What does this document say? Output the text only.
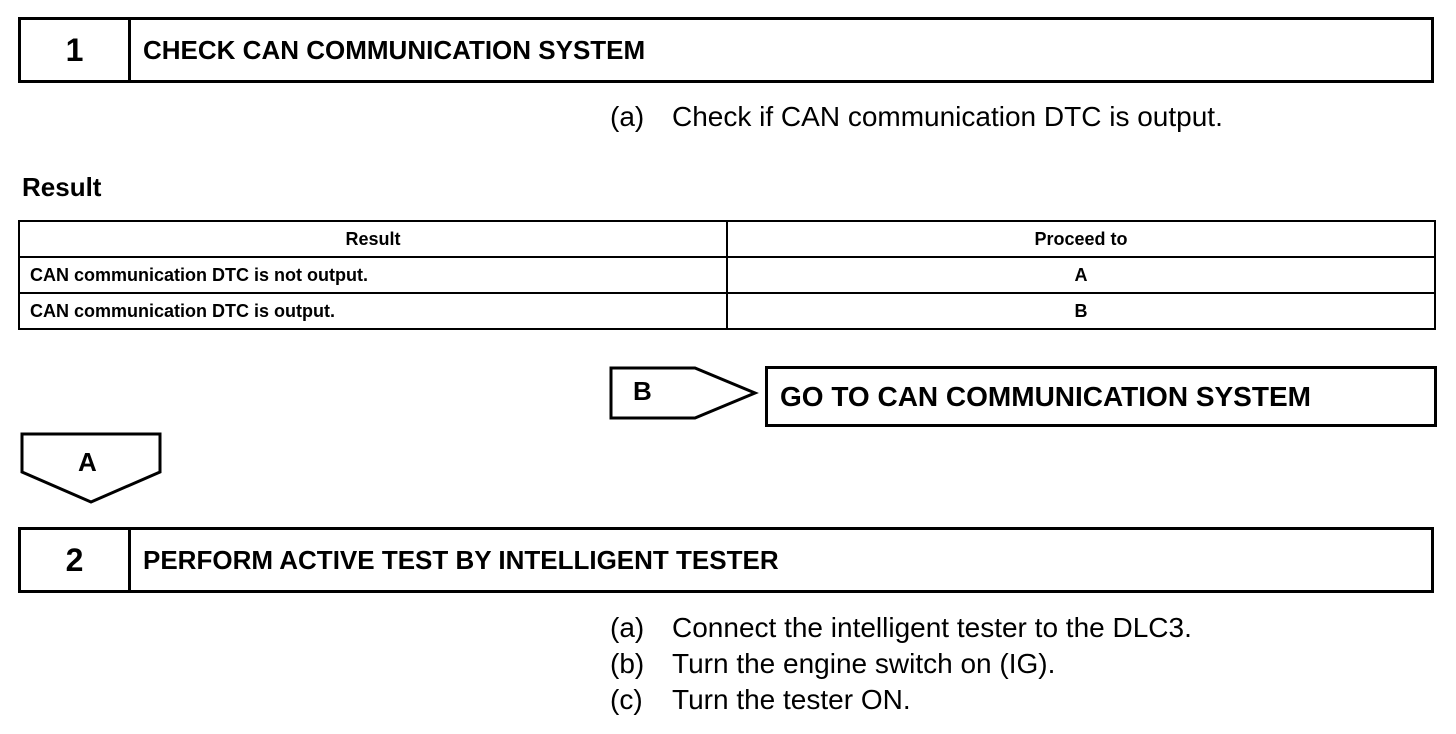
1	CHECK CAN COMMUNICATION SYSTEM
(a) Check if CAN communication DTC is output.
Result
Result	Proceed to
CAN communication DTC is not output.	A
CAN communication DTC is output.	B
B	GO TO CAN COMMUNICATION SYSTEM
A
2	PERFORM ACTIVE TEST BY INTELLIGENT TESTER
(a) Connect the intelligent tester to the DLC3.
(b) Turn the engine switch on (IG).
(c)	Turn the tester ON.
